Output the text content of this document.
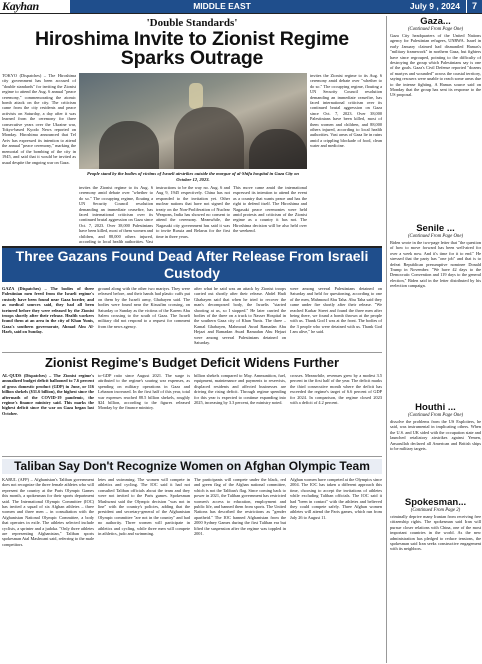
Kayhan	MIDDLE EAST	July 9 , 2024	7
'Double Standards'
Hiroshima Invite to Zionist Regime Sparks Outrage
TOKYO (Dispatches) – The Hiroshima city government has been accused of "double standards" for inviting the Zionist regime to attend the Aug. 6 annual "peace ceremony," commemorating the atomic bomb attack on the city. The criticism came from the city residents and peace activists on Saturday, a day after it was learned from the ceremony for three consecutive years over the Ukraine war, Tokyo-based Kyodo News reported on Monday. Hiroshima announced that Tel Aviv has expressed its intention to attend the annual "peace ceremony," marking the memorial of the bombing of the city in 1945, and said that it would be invited as usual despite the ongoing war on Gaza.
People stand by the bodies of victims of Israeli airstrikes outside the morgue of al-Shifa hospital in Gaza City on October 12, 2023.
invites the Zionist regime to its Aug. 6 ceremony amid debate over "whether to do so." The occupying regime, flouting a UN Security Council resolution demanding an immediate ceasefire, has faced international criticism over its continued brutal aggression on Gaza since Oct. 7, 2023. Over 38,000 Palestinians have been killed, most of them women and children, and 88,000 others injured, according to local health authorities. Vast
instructions to be the way no. Aug. 6 and Aug 9, 1945 respectively. China has not responded to the invitation yet. Other nuclear nations that have not signed the treaty on the Non-Proliferation of Nuclear Weapons, India has showed no consent to attend the ceremony. Meanwhile, the Nagasaki city government has said it was to invite Russia and Belarus for the first time in three years.
This move came amid the international expressed its intention to attend the event as a country that wants peace and has the right to defend itself. The Hiroshima and Nagasaki peace ceremonies were held amid protests and criticism of the Zionist regime as a country it has not. The Hiroshima decision will be also held over the weekend.
invites the Zionist regime to its Aug. 6 ceremony amid debate over "whether to do so." The occupying regime, flouting a UN Security Council resolution demanding an immediate ceasefire, has faced international criticism over its continued brutal aggression on Gaza since Oct. 7, 2023. Over 38,000 Palestinians have been killed, most of them women and children, and 88,000 others injured, according to local health authorities. Vast areas of Gaza lie in ruins amid a crippling blockade of food, clean water and medicine.
Gaza...
(Continued From Page One)
Gaza City headquarters of the United Nations agency for Palestinian refugees, UNRWA. Israel in early January claimed had dismantled Hamas's "military framework" in northern Gaza, but fighters have since regrouped, pointing to the difficulty of destroying the group which Palestinians say is one of the goals. Gaza's Civil Defense reported "dozens of martyrs and wounded" across the coastal territory, saying rescuers were unable to reach some areas due to the intense fighting. A Hamas source said on Monday that the group has sent its response to the US proposal.
Senile ...
(Continued From Page One)
Biden wrote in the two-page letter that "the question of how to move forward has been well-aired for over a week now. And it's time for it to end." He stressed that the party has "one job" and that is to defeat Republican presumptive nominee Donald Trump in November. "We have 42 days to the Democratic Convention and 119 days to the general election," Biden said in the letter distributed by his reelection campaign.
Houthi ...
(Continued From Page One)
dissolve the problems from the US Exploiters, he said, was instrumental in implicating others. When the U.S. and UK sided with the occupation state and launched retaliatory airstrikes against Yemen, Ansarullah declared all American and British ships to be military targets.
Spokesman...
(Continued From Page 2)
criminally deprive many Iranian from receiving free citizenship rights. The spokesman said Iran will pursue closer relations with China, one of the most important countries in the world. As the new administration has pledged to reduce tensions, the spokesman said Iran seeks constructive engagement with its neighbors.
Three Gazans Found Dead After Release From Israeli Custody
GAZA (Dispatches) – The bodies of three Palestinian men freed from the Israeli regime's custody have been found near Gaza border, and as medical sources said, they had all been tortured before they were released by the Zionist troops shortly after their release. Health workers found them at an area in the city of Khan Yunis, Gaza's southern governorate, Ahmad Abu Al-Harb, said on Sunday.
ground along with the other two martyrs. They were released before, and their hands had plastic cuffs put on them by the Israeli army, Ghabayen said. The bodies were found near the Kissufim crossing, on Saturday or Sunday as the victims of the Karem Abu Salem crossing to the south of Gaza. The Israeli military did not respond to a request for comment from the news agency.
after what he said was an attack by Zionist troops carried out shortly after their release. Abdel Hadi Ghabayen said that when he tried to recover the man's decomposed body, the Israelis "started shooting at us, so I stopped." He later carried the bodies of the three on a truck to Nasser Hospital in the southern Gaza city of Khan Yunis. The three – Kamal Ghabayen, Mahmoud Awad Ramadan Abu Hejazi and Ramadan Awad Ramadan Abu Hejazi were among several Palestinians detained on Saturday.
were among several Palestinians detained on Saturday and held for questioning, according to one of the men, Mahmoud Abu Taha. Abu Taha said they came under fire shortly after their release. "We reached Karkar Street and found the three men after being there, we found a bomb thrown at the people with us. Thank God I was at the front. The bodies of the 3 people who were detained with us. Thank God I am alive," he said.
Zionist Regime's Budget Deficit Widens Further
AL-QUDS (Dispatches) – The Zionist regime's annualized budget deficit ballooned to 7.6 percent of gross domestic product (GDP) in June, or 116 billion shekels ($31.6 billion), the highest since the aftermath of the COVID-19 pandemic, the regime's finance ministry said. This marks the highest deficit since the war on Gaza began last October.
to-GDP ratio since August 2021. The surge is attributed to the regime's soaring war expenses, as spending on military operations in Gaza and Lebanon increased. In the first half of this year, total war expenses reached 88.5 billion shekels, roughly $24 billion, according to the figures released Monday by the finance ministry.
billion shekels compared to May. Ammunition, fuel, equipment, maintenance and payments to reservists, displaced residents and affected businesses are driving the rising deficit. Through regime spending for this year is expected to continue expanding into 2025, increasing by 3.3 percent, the ministry noted.
crosses. Meanwhile, revenues grew by a modest 3.5 percent in the first half of the year. The deficit marks the third consecutive month where the deficit has exceeded the regime's target of 6.6 percent of GDP for 2024. In comparison, the regime closed 2023 with a deficit of 4.2 percent.
Taliban Say Don't Recognize Women on Afghan Olympic Team
KABUL (AFP) – Afghanistan's Taliban government does not recognize the three female athletes who will represent the country at the Paris Olympic Games this month, a spokesman for their sports department said. The International Olympic Committee (IOC) has invited a squad of six Afghan athletes – three women and three men – in consultation with the Afghanistan National Olympic Committee, a body that operates in exile. The athletes selected include cyclists, a sprinter and a judoka. "Only three athletes are representing Afghanistan," Taliban sports spokesman Atal Mashwani said, referring to the male competitors.
letes and swimming. The women will compete in athletics and cycling. The IOC said it had not consulted Taliban officials about the team and they were not invited to the Paris games. Spokesman Mashwani said the Olympic decision "was not in line" with the country's policies, adding that the president and secretary-general of the Afghanistan Olympic committee "are not in the country" and had no authority. Three women will participate in athletics and cycling, while three men will compete in athletics, judo and swimming.
The participants will compete under the black, red and green flag of the Afghan national committee, which is not the Taliban's flag. Since coming back to power in 2021, the Taliban government has restricted women's access to education, employment and public life, and banned them from sports. The United Nations has described the restrictions as "gender apartheid." The IOC banned Afghanistan from the 2000 Sydney Games during the first Taliban era but lifted the suspension after the regime was toppled in 2001.
Afghan women have competed at the Olympics since 2004. The IOC has taken a different approach this time, choosing to accept the invitations of athletes while excluding Taliban officials. The IOC said it had "been in contact" with the athletes and believed they could compete safely. Three Afghan women athletes will attend the Paris games, which run from July 26 to August 11.
